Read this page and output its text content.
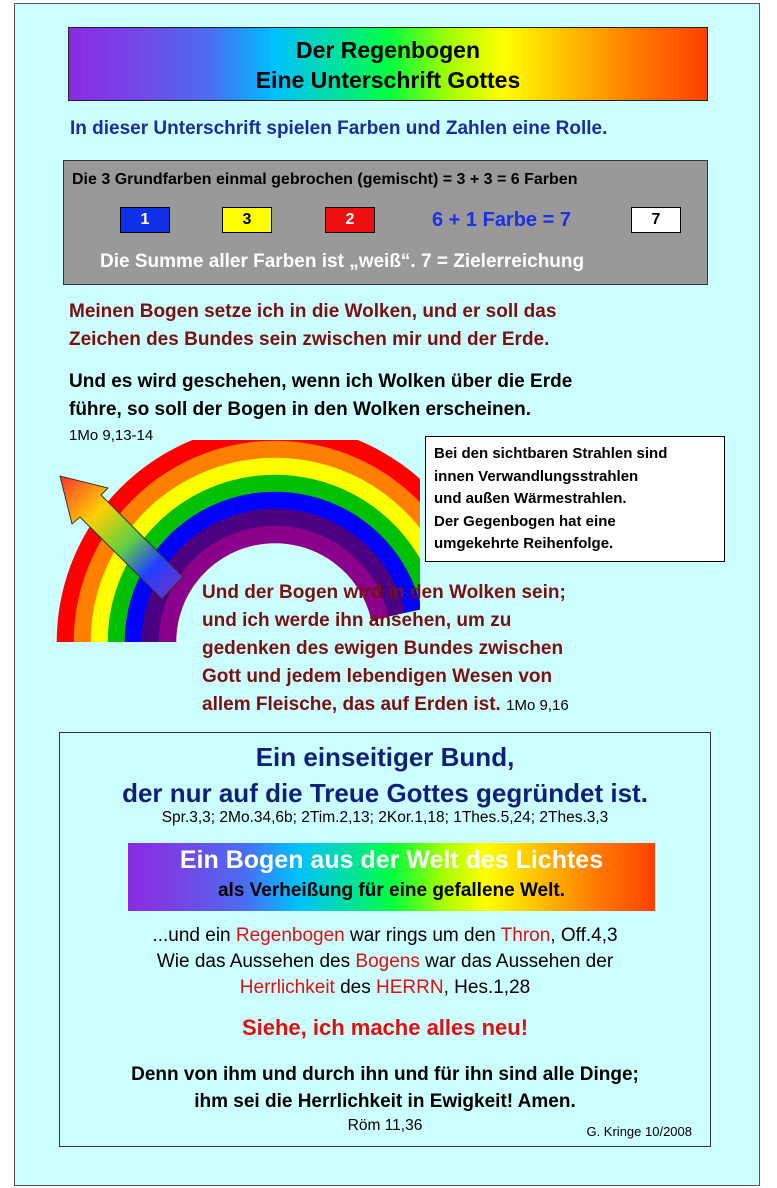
Der Regenbogen
Eine Unterschrift Gottes
In dieser Unterschrift spielen Farben und Zahlen eine Rolle.
Die 3 Grundfarben einmal gebrochen (gemischt) = 3 + 3 = 6 Farben
1	3	2	6 + 1 Farbe = 7	7
Die Summe aller Farben ist „weiß“. 7 = Zielerreichung
Meinen Bogen setze ich in die Wolken, und er soll das
Zeichen des Bundes sein zwischen mir und der Erde.
Und es wird geschehen, wenn ich Wolken über die Erde
führe, so soll der Bogen in den Wolken erscheinen.
1Mo 9,13-14
Bei den sichtbaren Strahlen sind
innen Verwandlungsstrahlen
und außen Wärmestrahlen.
Der Gegenbogen hat eine
umgekehrte Reihenfolge.
Und der Bogen wird in den Wolken sein;
und ich werde ihn ansehen, um zu
gedenken des ewigen Bundes zwischen
Gott und jedem lebendigen Wesen von
allem Fleische, das auf Erden ist. 1Mo 9,16
Ein einseitiger Bund,
der nur auf die Treue Gottes gegründet ist.
Spr.3,3; 2Mo.34,6b; 2Tim.2,13; 2Kor.1,18; 1Thes.5,24; 2Thes.3,3
Ein Bogen aus der Welt des Lichtes
als Verheißung für eine gefallene Welt.
...und ein Regenbogen war rings um den Thron, Off.4,3
Wie das Aussehen des Bogens war das Aussehen der
Herrlichkeit des HERRN, Hes.1,28
Siehe, ich mache alles neu!
Denn von ihm und durch ihn und für ihn sind alle Dinge;
ihm sei die Herrlichkeit in Ewigkeit! Amen.
Röm 11,36	G. Kringe 10/2008
